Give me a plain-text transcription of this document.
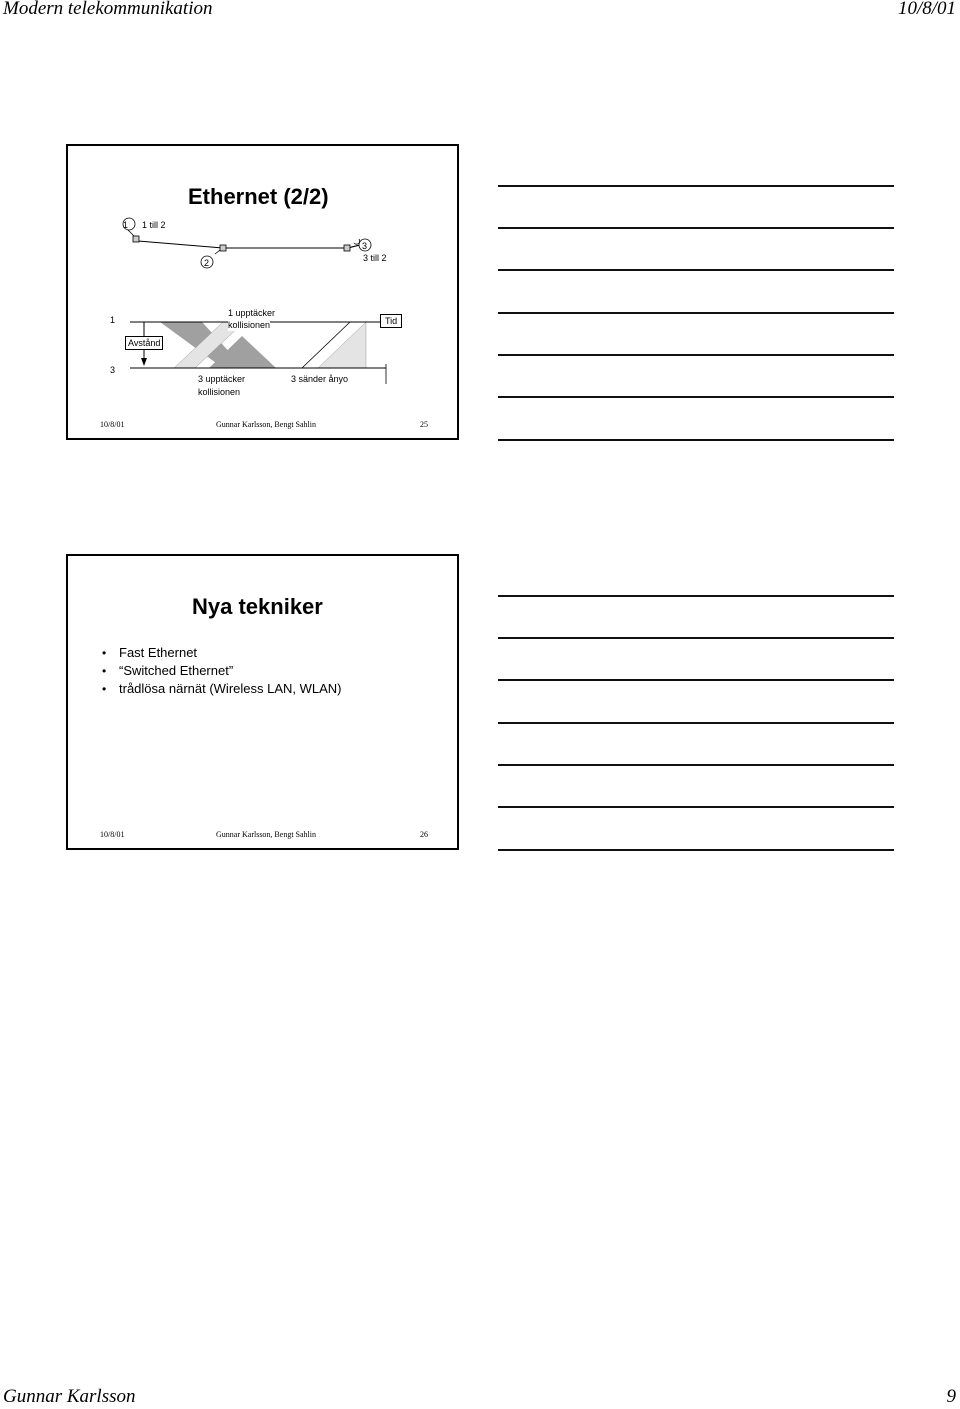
Modern telekommunikation	10/8/01
Ethernet (2/2)
1 1 till 2
2
3
3 till 2
1
3
Avstånd
Tid
1 upptäcker
kollisionen
3 upptäcker
kollisionen
3 sänder ånyo
10/8/01	Gunnar Karlsson, Bengt Sahlin	25
Nya tekniker
• Fast Ethernet
• “Switched Ethernet”
• trådlösa närnät (Wireless LAN, WLAN)
10/8/01	Gunnar Karlsson, Bengt Sahlin	26
Gunnar Karlsson	9
